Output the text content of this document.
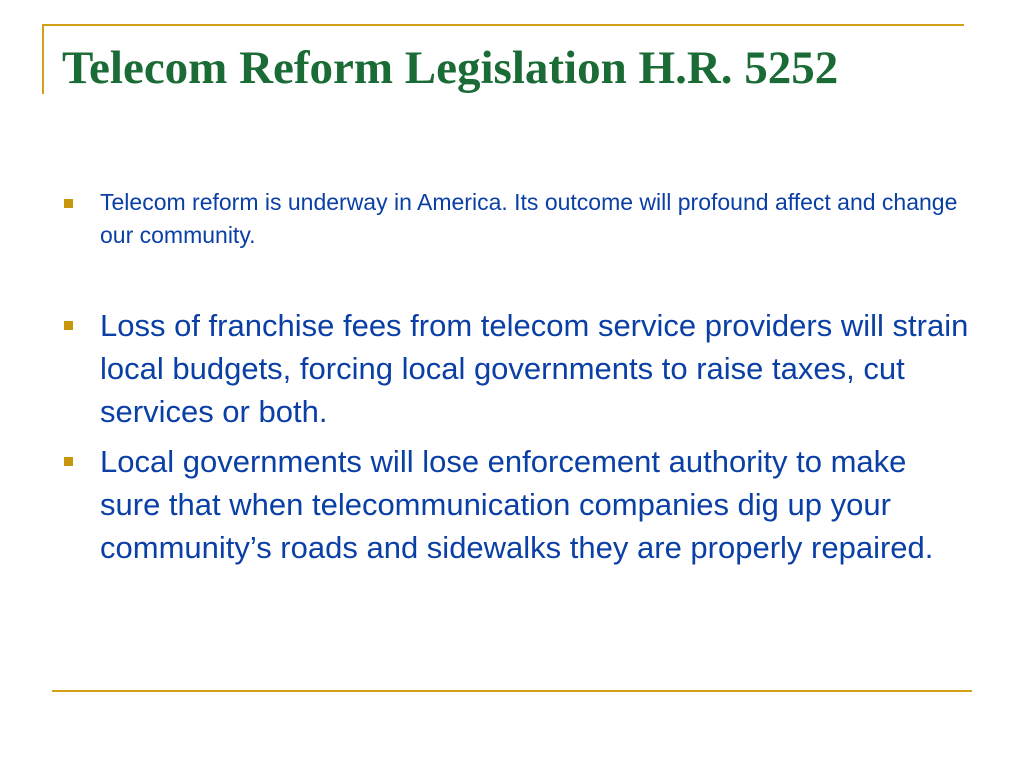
Telecom Reform Legislation H.R. 5252
Telecom reform is underway in America. Its outcome will profound affect and change our community.
Loss of franchise fees from telecom service providers will strain local budgets, forcing local governments to raise taxes, cut services or both.
Local governments will lose enforcement authority to make sure that when telecommunication companies dig up your community’s roads and sidewalks they are properly repaired.
